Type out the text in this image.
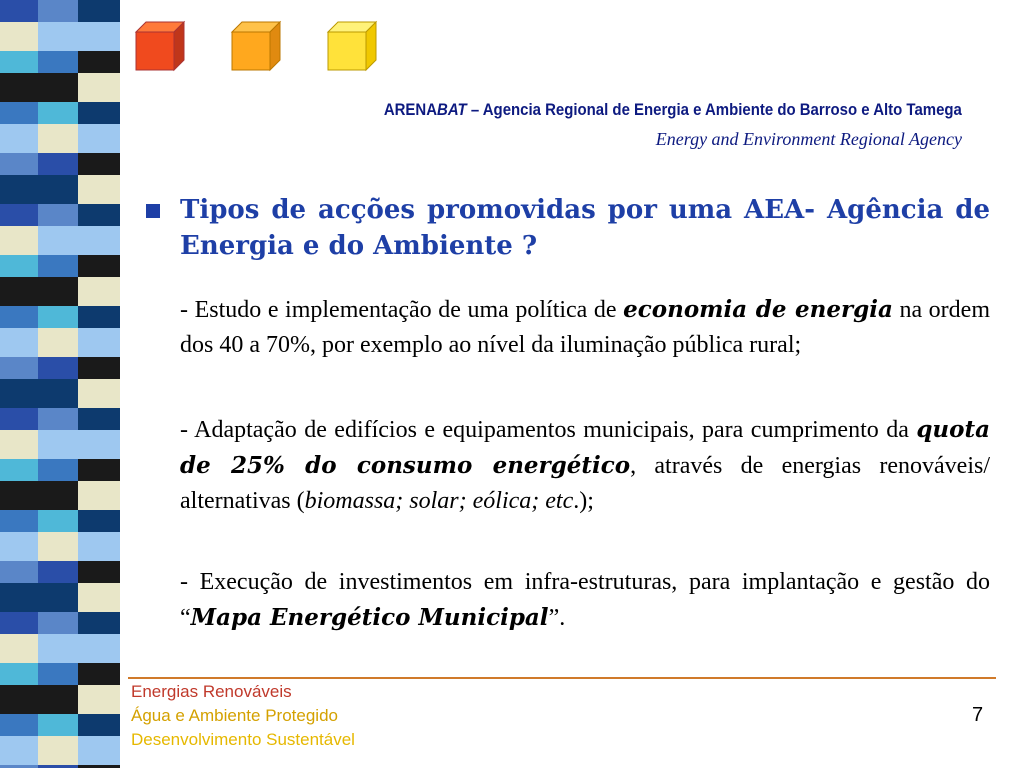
ARENABAT – Agencia Regional de Energia e Ambiente do Barroso e Alto Tamega
Energy and Environment Regional Agency
Tipos de acções promovidas por uma AEA- Agência de Energia e do Ambiente ?
- Estudo e implementação de uma política de economia de energia na ordem dos 40 a 70%, por exemplo ao nível da iluminação pública rural;
- Adaptação de edifícios e equipamentos municipais, para cumprimento da quota de 25% do consumo energético, através de energias renováveis/ alternativas (biomassa; solar; eólica; etc.);
- Execução de investimentos em infra-estruturas, para implantação e gestão do “Mapa Energético Municipal”.
Energias Renováveis
Água e Ambiente Protegido
Desenvolvimento Sustentável
7
